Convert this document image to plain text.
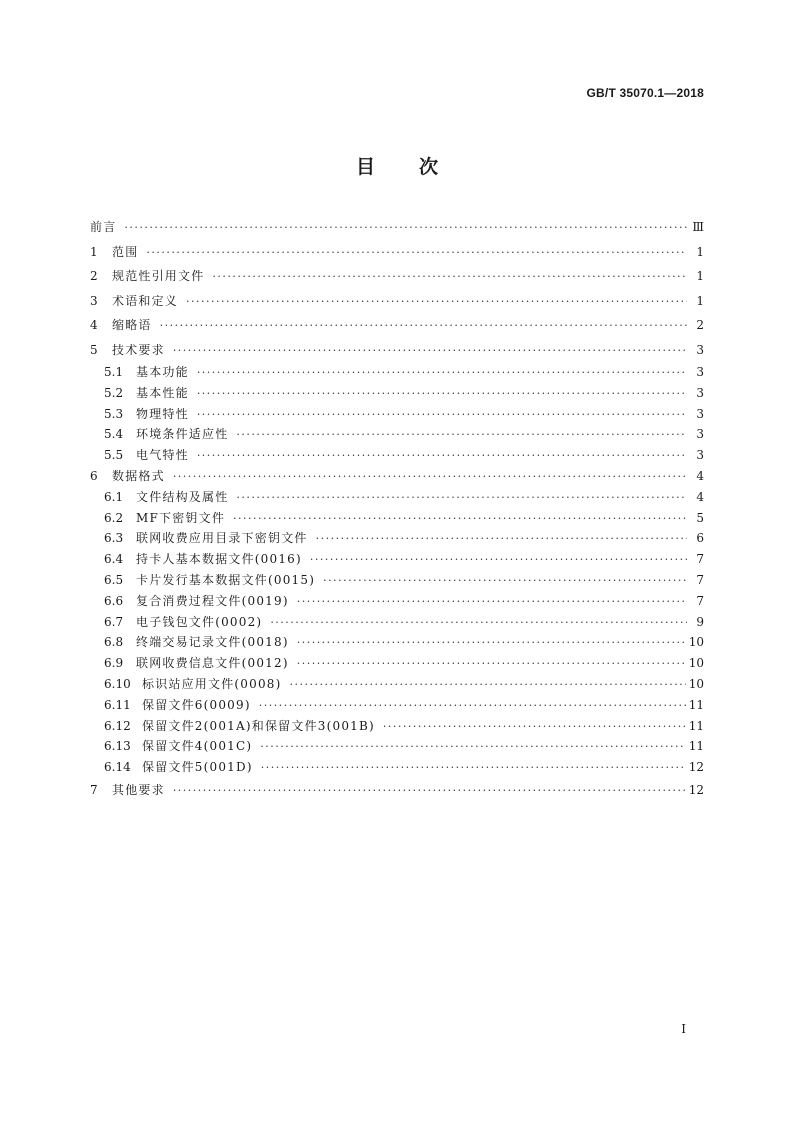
GB/T 35070.1—2018
目次
前言 ·····	Ⅲ
1	范围 ·····	1
2	规范性引用文件 ·····	1
3	术语和定义 ·····	1
4	缩略语 ·····	2
5	技术要求 ·····	3
5.1	基本功能 ·····	3
5.2	基本性能 ·····	3
5.3	物理特性 ·····	3
5.4	环境条件适应性 ·····	3
5.5	电气特性 ·····	3
6	数据格式 ·····	4
6.1	文件结构及属性 ·····	4
6.2	MF下密钥文件 ·····	5
6.3	联网收费应用目录下密钥文件 ·····	6
6.4	持卡人基本数据文件(0016) ·····	7
6.5	卡片发行基本数据文件(0015) ·····	7
6.6	复合消费过程文件(0019) ·····	7
6.7	电子钱包文件(0002) ·····	9
6.8	终端交易记录文件(0018) ·····	10
6.9	联网收费信息文件(0012) ·····	10
6.10 标识站应用文件(0008) ·····	10
6.11 保留文件6(0009) ·····	11
6.12 保留文件2(001A)和保留文件3(001B) ·····	11
6.13 保留文件4(001C) ·····	11
6.14 保留文件5(001D) ·····	12
7	其他要求 ·····	12
I
